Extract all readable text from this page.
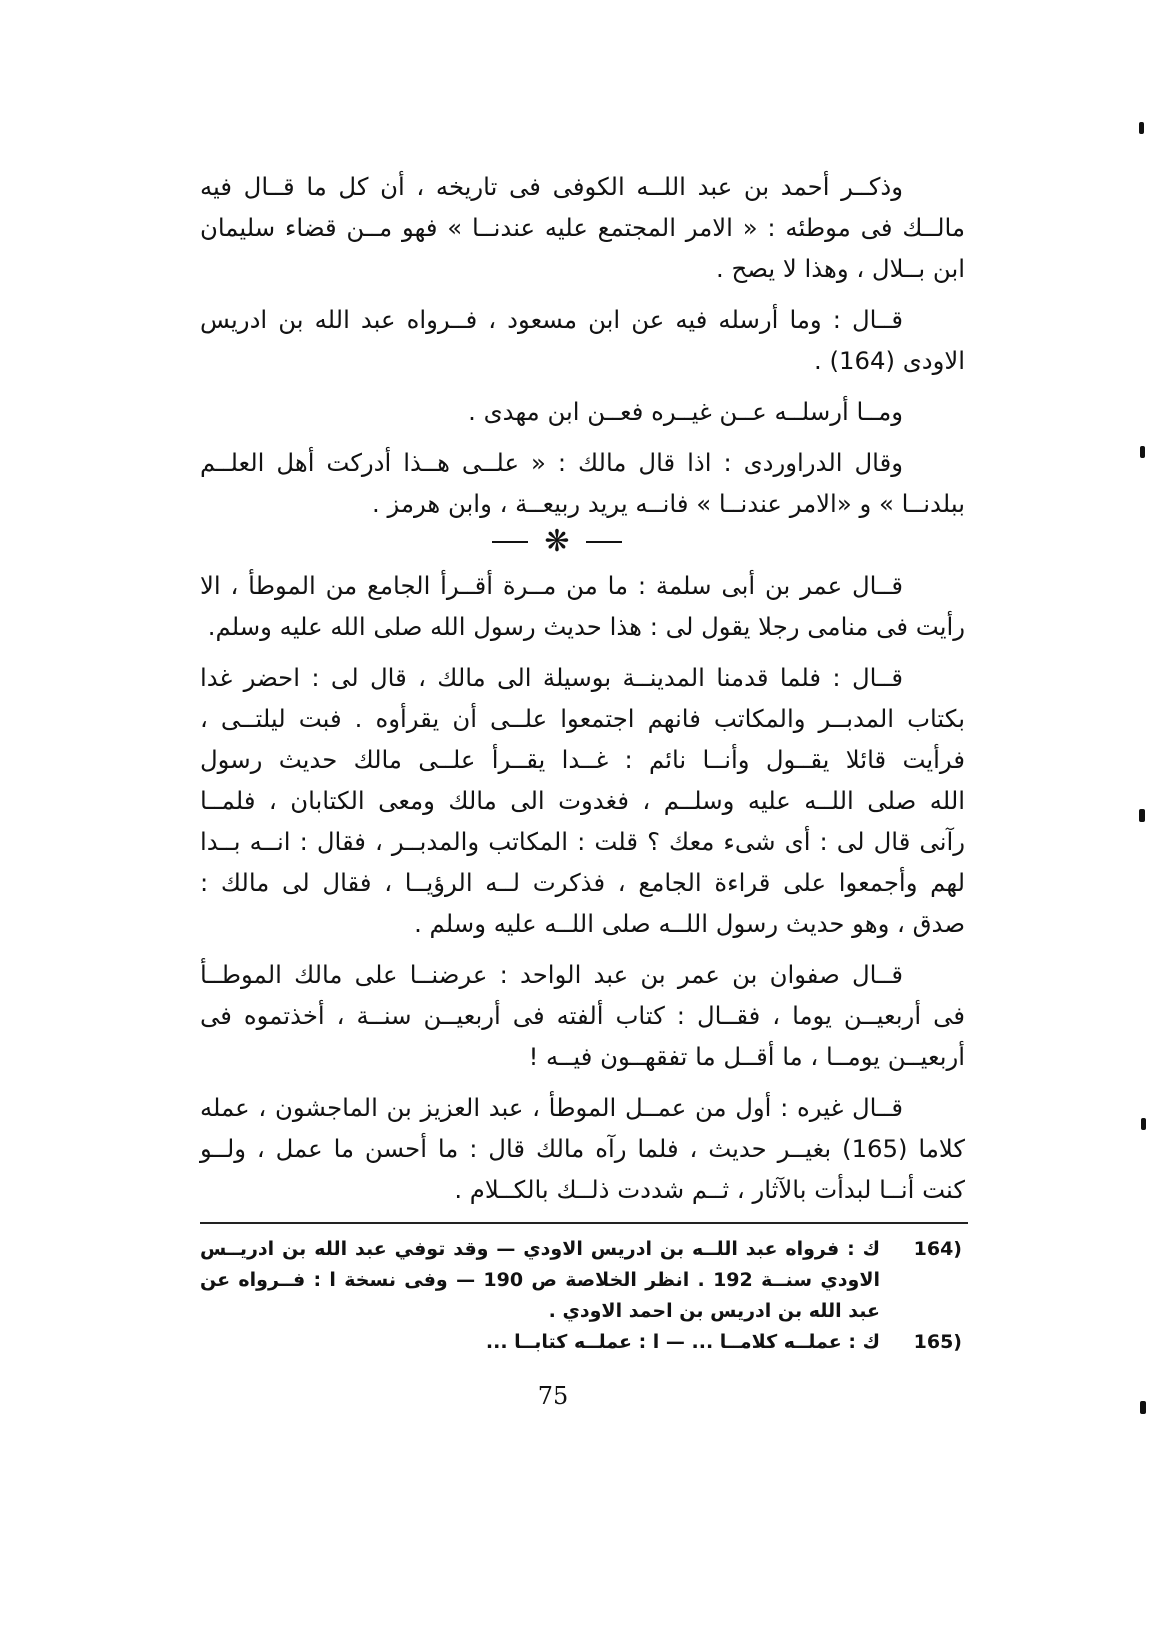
وذكــر أحمد بن عبد اللــه الكوفى فى تاريخه ، أن كل ما قــال فيه
مالــك فى موطئه : « الامر المجتمع عليه عندنــا » فهو مــن قضاء سليمان
ابن بــلال ، وهذا لا يصح .
قــال : وما أرسله فيه عن ابن مسعود ، فــرواه عبد الله بن ادريس
الاودى (164) .
ومــا أرسلــه عــن غيــره فعــن ابن مهدى .
وقال الدراوردى : اذا قال مالك : « علــى هــذا أدركت أهل العلــم
ببلدنــا » و «الامر عندنــا » فانــه يريد ربيعــة ، وابن هرمز .
❋
قــال عمر بن أبى سلمة : ما من مــرة أقــرأ الجامع من الموطأ ، الا
رأيت فى منامى رجلا يقول لى : هذا حديث رسول الله صلى الله عليه وسلم.
قــال : فلما قدمنا المدينــة بوسيلة الى مالك ، قال لى : احضر غدا
بكتاب المدبــر والمكاتب فانهم اجتمعوا علــى أن يقرأوه . فبت ليلتــى ،
فرأيت قائلا يقــول وأنــا نائم : غــدا يقــرأ علــى مالك حديث رسول
الله صلى اللــه عليه وسلــم ، فغدوت الى مالك ومعى الكتابان ، فلمــا
رآنى قال لى : أى شىء معك ؟ قلت : المكاتب والمدبــر ، فقال : انــه بــدا
لهم وأجمعوا على قراءة الجامع ، فذكرت لــه الرؤيــا ، فقال لى مالك :
صدق ، وهو حديث رسول اللــه صلى اللــه عليه وسلم .
قــال صفوان بن عمر بن عبد الواحد : عرضنــا على مالك الموطــأ
فى أربعيــن يوما ، فقــال : كتاب ألفته فى أربعيــن سنــة ، أخذتموه فى
أربعيــن يومــا ، ما أقــل ما تفقهــون فيــه !
قــال غيره : أول من عمــل الموطأ ، عبد العزيز بن الماجشون ، عمله
كلاما (165) بغيــر حديث ، فلما رآه مالك قال : ما أحسن ما عمل ، ولــو
كنت أنــا لبدأت بالآثار ، ثــم شددت ذلــك بالكــلام .
164)
ك : فرواه عبد اللــه بن ادريس الاودي — وقد توفي عبد الله بن ادريــس
الاودي سنــة 192 . انظر الخلاصة ص 190 — وفى نسخة ا : فــرواه عن
عبد الله بن ادريس بن احمد الاودي .
165)
ك : عملــه كلامــا ... — ا : عملــه كتابــا ...
75
